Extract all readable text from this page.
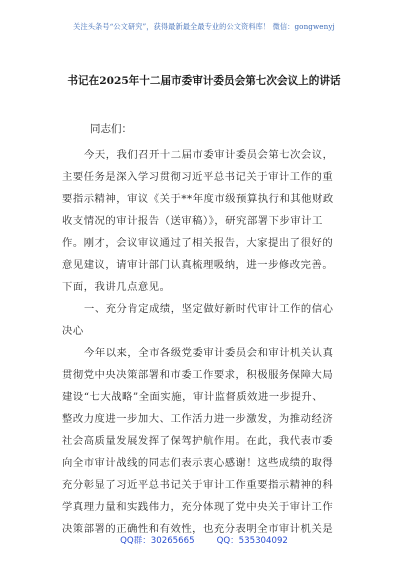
关注头条号“公文研究”，获得最新最全最专业的公文资料库！ 微信：gongwenyj
书记在2025年十二届市委审计委员会第七次会议上的讲话
同志们：
今天，我们召开十二届市委审计委员会第七次会议，
主要任务是深入学习贯彻习近平总书记关于审计工作的重
要指示精神，审议《关于**年度市级预算执行和其他财政
收支情况的审计报告（送审稿）》，研究部署下步审计工
作。刚才，会议审议通过了相关报告，大家提出了很好的
意见建议，请审计部门认真梳理吸纳，进一步修改完善。
下面，我讲几点意见。
一、充分肯定成绩，坚定做好新时代审计工作的信心
决心
今年以来，全市各级党委审计委员会和审计机关认真
贯彻党中央决策部署和市委工作要求，积极服务保障大局
建设“七大战略”全面实施，审计监督质效进一步提升、
整改力度进一步加大、工作活力进一步激发，为推动经济
社会高质量发展发挥了保驾护航作用。在此，我代表市委
向全市审计战线的同志们表示衷心感谢！这些成绩的取得
充分彰显了习近平总书记关于审计工作重要指示精神的科
学真理力量和实践伟力，充分体现了党中央关于审计工作
决策部署的正确性和有效性，也充分表明全市审计机关是
QQ群：30265665	QQ：535304092
